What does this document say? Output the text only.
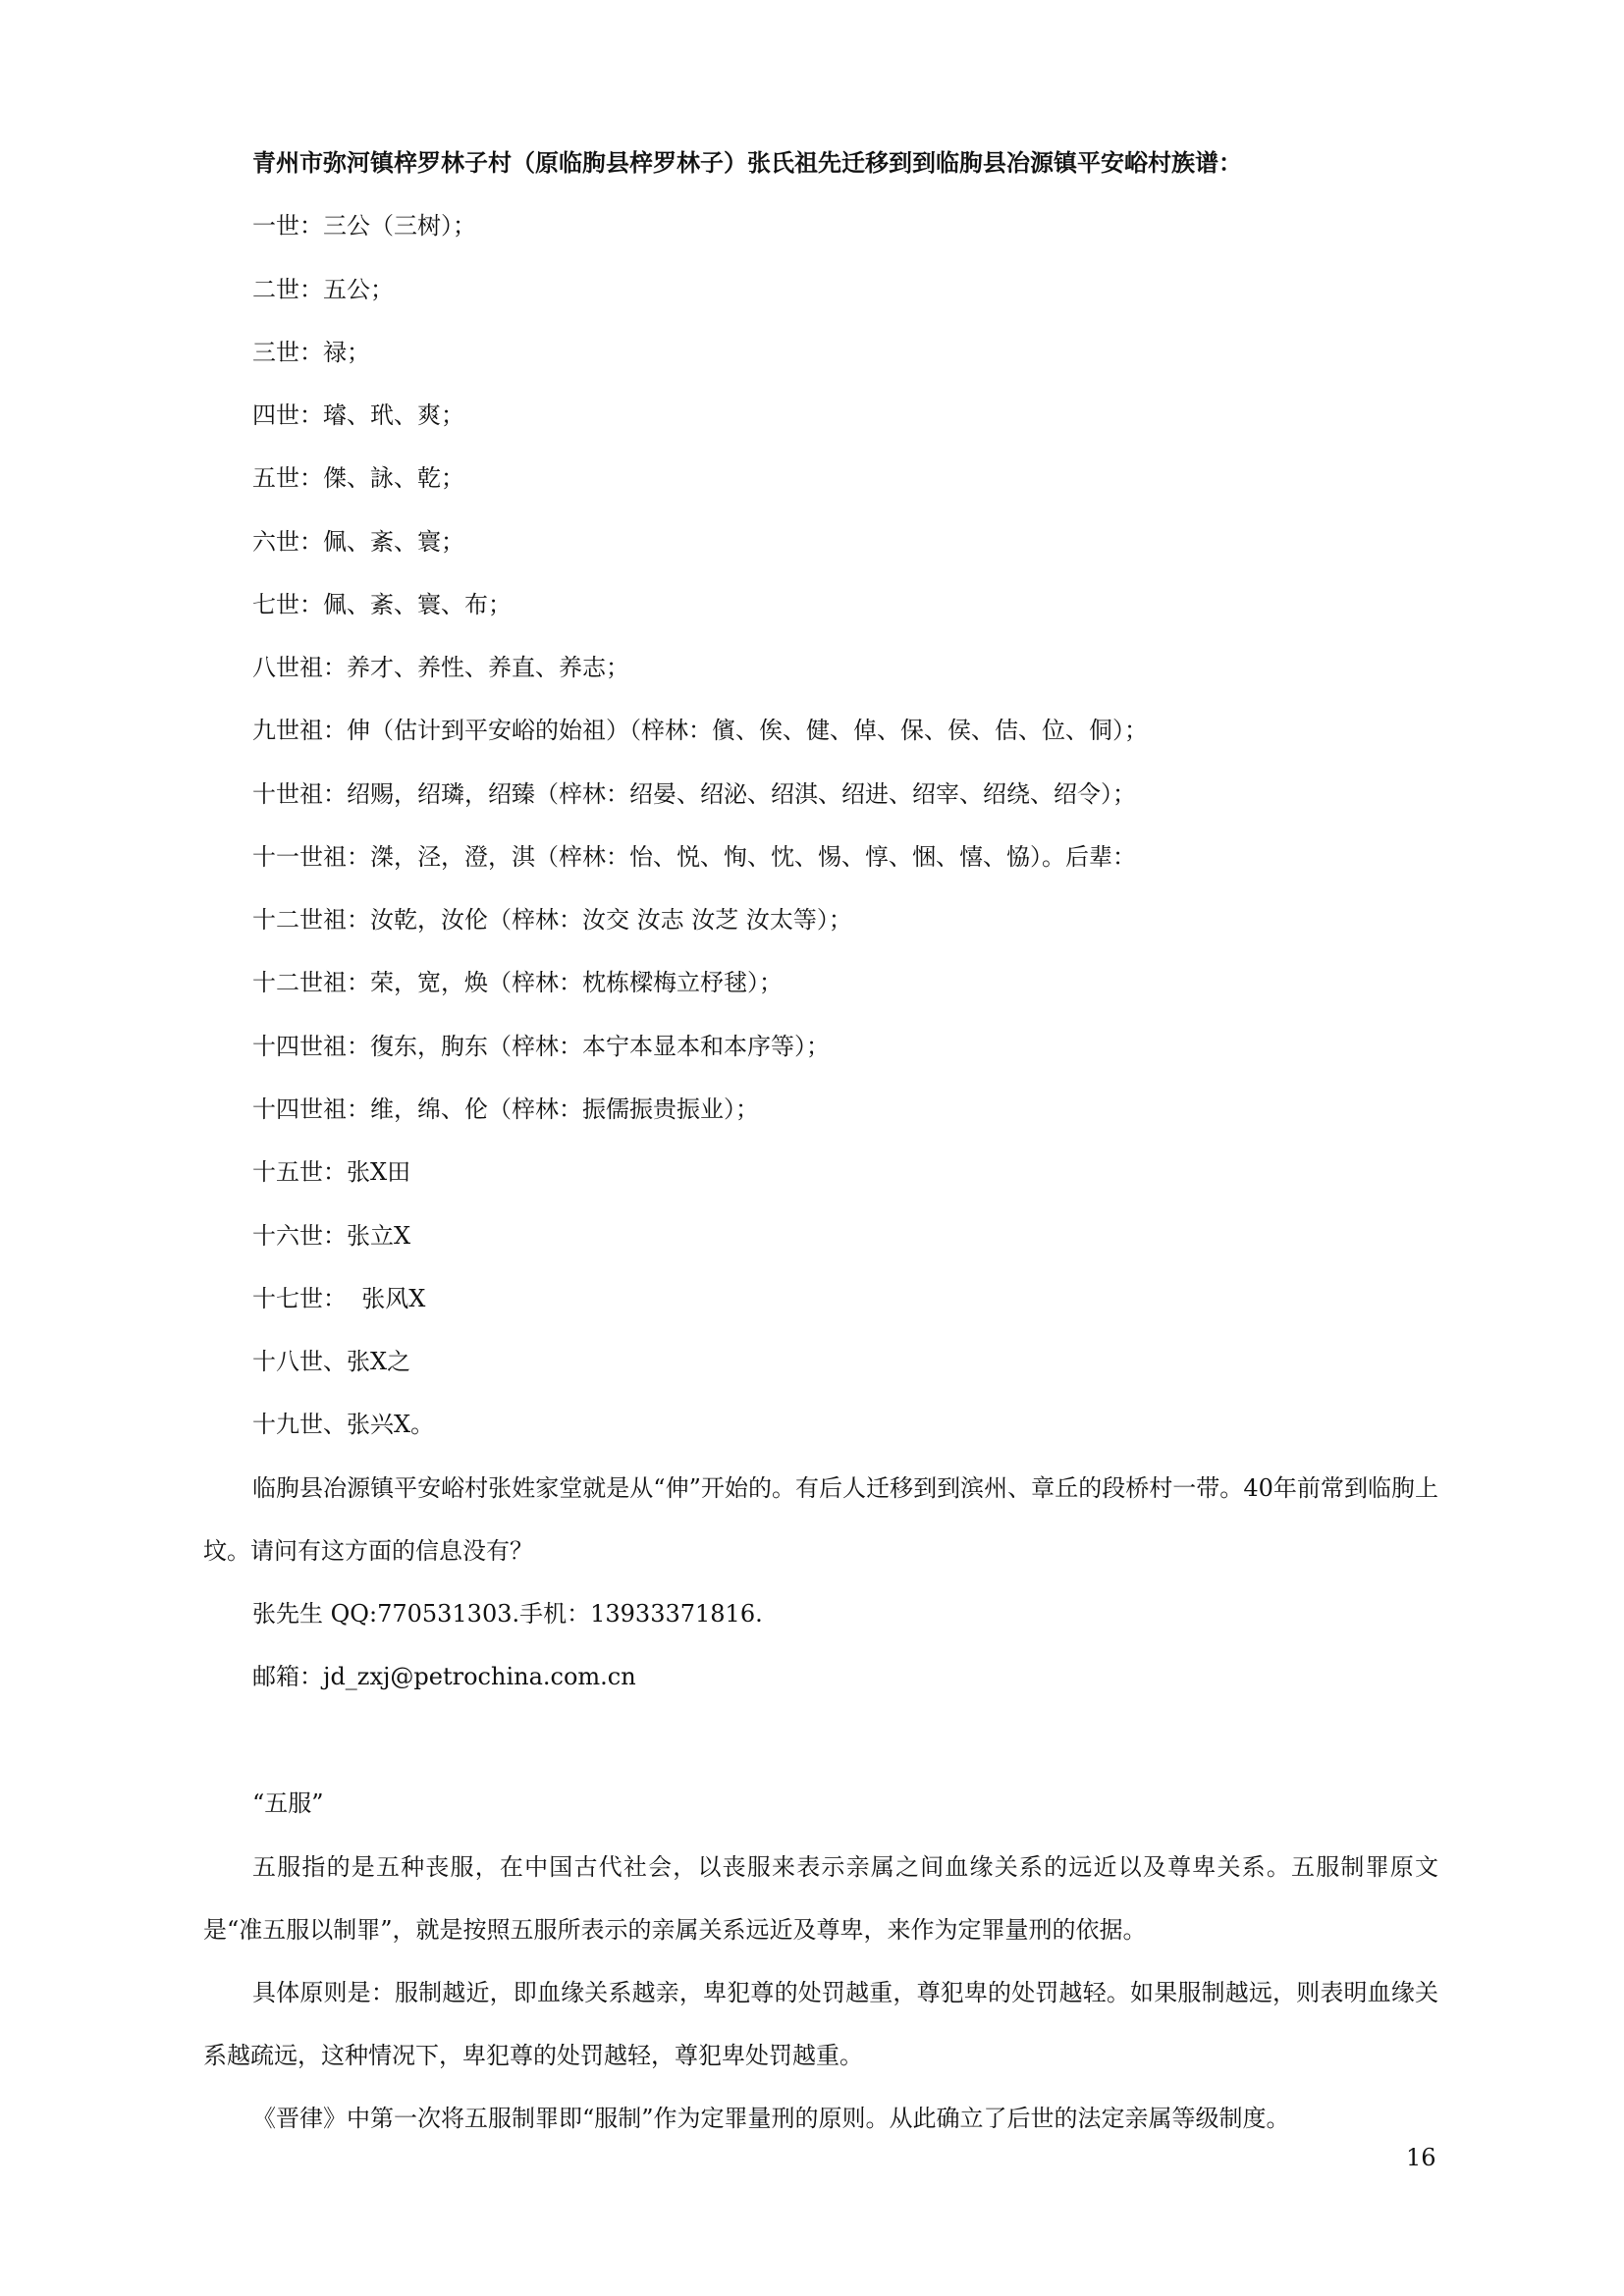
青州市弥河镇梓罗林子村（原临朐县梓罗林子）张氏祖先迁移到到临朐县冶源镇平安峪村族谱：
一世：三公（三树）；
二世：五公；
三世：禄；
四世：璿、玳、爽；
五世：傑、詠、乾；
六世：佩、紊、寰；
七世：佩、紊、寰、布；
八世祖：养才、养性、养直、养志；
九世祖：伸（估计到平安峪的始祖）（梓林：儐、俟、健、倬、保、侯、佶、位、侗）；
十世祖：绍赐，绍璘，绍臻（梓林：绍晏、绍泌、绍淇、绍进、绍宰、绍绕、绍令）；
十一世祖：滐，泾，澄，淇（梓林：怡、悦、恂、忱、惕、惇、悃、憘、恊）。后辈：
十二世祖：汝乾，汝伦（梓林：汝交 汝志 汝芝 汝太等）；
十二世祖：荣，宽，焕（梓林：枕栋樑梅立杼毬）；
十四世祖：復东，朐东（梓林：本宁本显本和本序等）；
十四世祖：维，绵、伦（梓林：振儒振贵振业）；
十五世：张X田
十六世：张立X
十七世：  张风X
十八世、张X之
十九世、张兴X。
临朐县冶源镇平安峪村张姓家堂就是从“伸”开始的。有后人迁移到到滨州、章丘的段桥村一带。40年前常到临朐上坟。请问有这方面的信息没有？
张先生 QQ:770531303.手机：13933371816.
邮箱：jd_zxj@petrochina.com.cn
“五服”
五服指的是五种丧服，在中国古代社会，以丧服来表示亲属之间血缘关系的远近以及尊卑关系。五服制罪原文是“准五服以制罪”，就是按照五服所表示的亲属关系远近及尊卑，来作为定罪量刑的依据。
具体原则是：服制越近，即血缘关系越亲，卑犯尊的处罚越重，尊犯卑的处罚越轻。如果服制越远，则表明血缘关系越疏远，这种情况下，卑犯尊的处罚越轻，尊犯卑处罚越重。
《晋律》中第一次将五服制罪即“服制”作为定罪量刑的原则。从此确立了后世的法定亲属等级制度。
16
